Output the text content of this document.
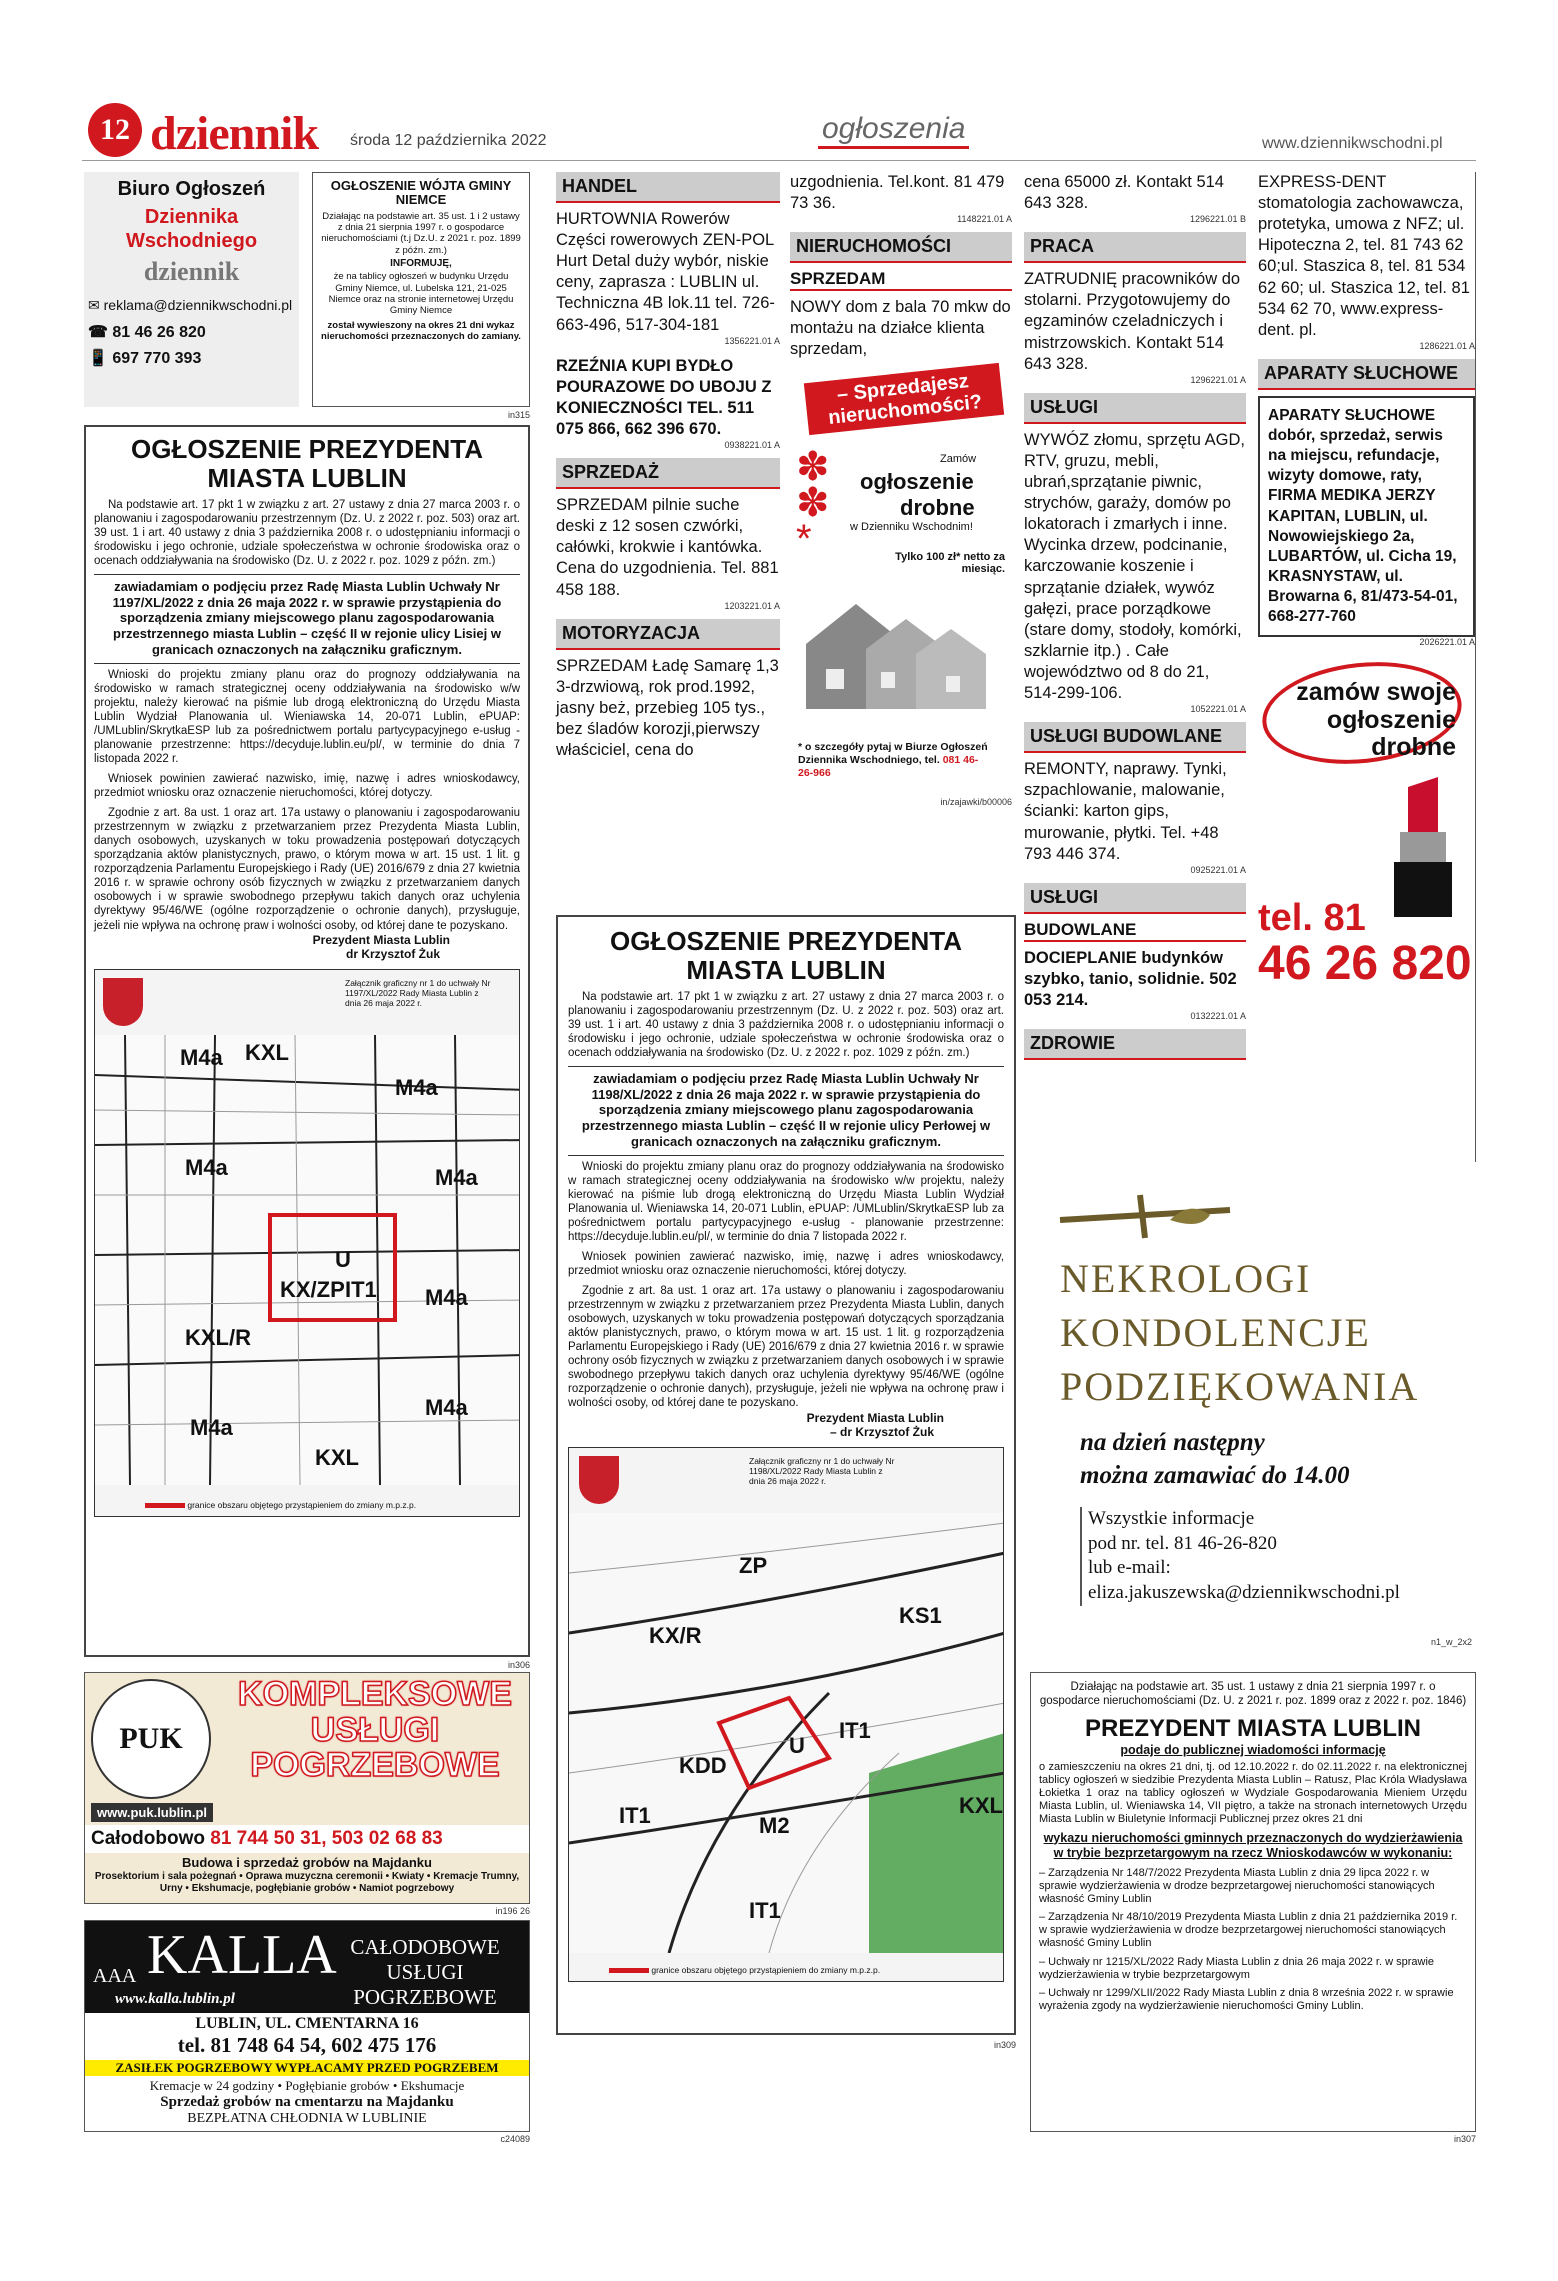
12 dziennik środa 12 października 2022	ogłoszenia	www.dziennikwschodni.pl
Biuro Ogłoszeń
Dziennika Wschodniego
dziennik
✉ reklama@dziennikwschodni.pl
☎ 81 46 26 820
📱 697 770 393
OGŁOSZENIE WÓJTA GMINY NIEMCE
Działając na podstawie art. 35 ust. 1 i 2 ustawy z dnia 21 sierpnia 1997 r. o gospodarce nieruchomościami (t.j Dz.U. z 2021 r. poz. 1899 z późn. zm.)
INFORMUJĘ,
że na tablicy ogłoszeń w budynku Urzędu Gminy Niemce, ul. Lubelska 121, 21-025 Niemce oraz na stronie internetowej Urzędu Gminy Niemce
został wywieszony na okres 21 dni wykaz nieruchomości przeznaczonych do zamiany.
in315
OGŁOSZENIE PREZYDENTA MIASTA LUBLIN
Na podstawie art. 17 pkt 1 w związku z art. 27 ustawy z dnia 27 marca 2003 r. o planowaniu i zagospodarowaniu przestrzennym (Dz. U. z 2022 r. poz. 503) oraz art. 39 ust. 1 i art. 40 ustawy z dnia 3 października 2008 r. o udostępnianiu informacji o środowisku i jego ochronie, udziale społeczeństwa w ochronie środowiska oraz o ocenach oddziaływania na środowisko (Dz. U. z 2022 r. poz. 1029 z późn. zm.)
zawiadamiam o podjęciu przez Radę Miasta Lublin Uchwały Nr 1197/XL/2022 z dnia 26 maja 2022 r. w sprawie przystąpienia do sporządzenia zmiany miejscowego planu zagospodarowania przestrzennego miasta Lublin – część II w rejonie ulicy Lisiej w granicach oznaczonych na załączniku graficznym.
Wnioski do projektu zmiany planu oraz do prognozy oddziaływania na środowisko w ramach strategicznej oceny oddziaływania na środowisko w/w projektu, należy kierować na piśmie lub drogą elektroniczną do Urzędu Miasta Lublin Wydział Planowania ul. Wieniawska 14, 20-071 Lublin, ePUAP: /UMLublin/SkrytkaESP lub za pośrednictwem portalu partycypacyjnego e-usług - planowanie przestrzenne: https://decyduje.lublin.eu/pl/, w terminie do dnia 7 listopada 2022 r.
Wniosek powinien zawierać nazwisko, imię, nazwę i adres wnioskodawcy, przedmiot wniosku oraz oznaczenie nieruchomości, której dotyczy.
Zgodnie z art. 8a ust. 1 oraz art. 17a ustawy o planowaniu i zagospodarowaniu przestrzennym w związku z przetwarzaniem przez Prezydenta Miasta Lublin, danych osobowych, uzyskanych w toku prowadzenia postępowań dotyczących sporządzania aktów planistycznych, prawo, o którym mowa w art. 15 ust. 1 lit. g rozporządzenia Parlamentu Europejskiego i Rady (UE) 2016/679 z dnia 27 kwietnia 2016 r. w sprawie ochrony osób fizycznych w związku z przetwarzaniem danych osobowych i w sprawie swobodnego przepływu takich danych oraz uchylenia dyrektywy 95/46/WE (ogólne rozporządzenie o ochronie danych), przysługuje, jeżeli nie wpływa na ochronę praw i wolności osoby, od której dane te pozyskano.
Prezydent Miasta Lublin
dr Krzysztof Żuk
Załącznik graficzny nr 1 do uchwały Nr 1197/XL/2022 Rady Miasta Lublin z dnia 26 maja 2022 r.
M4a KXL
M4a
M4a	M4a
U
KX/ZP IT1
KXL/R
M4a
M4a
M4a
KXL
granice obszaru objętego przystąpieniem do zmiany m.p.z.p.
in306
HANDEL
HURTOWNIA Rowerów Części rowerowych ZEN-POL Hurt Detal duży wybór, niskie ceny, zapraszа : LUBLIN ul. Techniczna 4B lok.11 tel. 726-663-496, 517-304-181
1356221.01 A
RZEŹNIA KUPI BYDŁO POURAZOWE DO UBOJU Z KONIECZNOŚCI TEL. 511 075 866, 662 396 670.
0938221.01 A
SPRZEDAŻ
SPRZEDAM pilnie suche deski z 12 sosen czwórki, całówki, krokwie i kantówka. Cena do uzgodnienia. Tel. 881 458 188.
1203221.01 A
MOTORYZACJA
SPRZEDAM Ładę Samarę 1,3 3-drzwiową, rok prod.1992, jasny beż, przebieg 105 tys., bez śladów korozji,pierwszy właściciel, cena do
uzgodnienia. Tel.kont. 81 479 73 36.
1148221.01 A
NIERUCHOMOŚCI
SPRZEDAM
NOWY dom z bala 70 mkw do montażu na działce klienta sprzedam,
– Sprzedajesz nieruchomości?
✽
✽
*
Zamów
ogłoszenie
drobne
w Dzienniku Wschodnim!
Tylko 100 zł* netto za miesiąc.
* o szczegóły pytaj w Biurze Ogłoszeń Dziennika Wschodniego, tel. 081 46-26-966
in/zajawki/b00006
cena 65000 zł. Kontakt 514 643 328.
1296221.01 B
PRACA
ZATRUDNIĘ pracowników do stolarni. Przygotowujemy do egzaminów czeladniczych i mistrzowskich. Kontakt 514 643 328.
1296221.01 A
USŁUGI
WYWÓZ złomu, sprzętu AGD, RTV, gruzu, mebli, ubrań,sprzątanie piwnic, strychów, garaży, domów po lokatorach i zmarłych i inne. Wycinka drzew, podcinanie, karczowanie koszenie i sprzątanie działek, wywóz gałęzi, prace porządkowe (stare domy, stodoły, komórki, szklarnie itp.) . Całe województwo od 8 do 21, 514-299-106.
1052221.01 A
USŁUGI BUDOWLANE
REMONTY, naprawy. Tynki, szpachlowanie, malowanie, ścianki: karton gips, murowanie, płytki. Tel. +48 793 446 374.
0925221.01 A
USŁUGI
BUDOWLANE
DOCIEPLANIE budynków szybko, tanio, solidnie. 502 053 214.
0132221.01 A
ZDROWIE
EXPRESS-DENT stomatologia zachowawcza, protetyka, umowa z NFZ; ul. Hipoteczna 2, tel. 81 743 62 60;ul. Staszica 8, tel. 81 534 62 60; ul. Staszica 12, tel. 81 534 62 70, www.express-dent. pl.
1286221.01 A
APARATY SŁUCHOWE
APARATY SŁUCHOWE dobór, sprzedaż, serwis na miejscu, refundacje, wizyty domowe, raty, FIRMA MEDIKA JERZY KAPITAN, LUBLIN, ul. Nowowiejskiego 2a, LUBARTÓW, ul. Cicha 19, KRASNYSTAW, ul. Browarna 6, 81/473-54-01, 668-277-760
2026221.01 A
zamów swoje ogłoszenie drobne
tel. 81
46 26 820
OGŁOSZENIE PREZYDENTA MIASTA LUBLIN
Na podstawie art. 17 pkt 1 w związku z art. 27 ustawy z dnia 27 marca 2003 r. o planowaniu i zagospodarowaniu przestrzennym (Dz. U. z 2022 r. poz. 503) oraz art. 39 ust. 1 i art. 40 ustawy z dnia 3 października 2008 r. o udostępnianiu informacji o środowisku i jego ochronie, udziale społeczeństwa w ochronie środowiska oraz o ocenach oddziaływania na środowisko (Dz. U. z 2022 r. poz. 1029 z późn. zm.)
zawiadamiam o podjęciu przez Radę Miasta Lublin Uchwały Nr 1198/XL/2022 z dnia 26 maja 2022 r. w sprawie przystąpienia do sporządzenia zmiany miejscowego planu zagospodarowania przestrzennego miasta Lublin – część II w rejonie ulicy Perłowej w granicach oznaczonych na załączniku graficznym.
Wnioski do projektu zmiany planu oraz do prognozy oddziaływania na środowisko w ramach strategicznej oceny oddziaływania na środowisko w/w projektu, należy kierować na piśmie lub drogą elektroniczną do Urzędu Miasta Lublin Wydział Planowania ul. Wieniawska 14, 20-071 Lublin, ePUAP: /UMLublin/SkrytkaESP lub za pośrednictwem portalu partycypacyjnego e-usług - planowanie przestrzenne: https://decyduje.lublin.eu/pl/, w terminie do dnia 7 listopada 2022 r.
Wniosek powinien zawierać nazwisko, imię, nazwę i adres wnioskodawcy, przedmiot wniosku oraz oznaczenie nieruchomości, której dotyczy.
Zgodnie z art. 8a ust. 1 oraz art. 17a ustawy o planowaniu i zagospodarowaniu przestrzennym w związku z przetwarzaniem przez Prezydenta Miasta Lublin, danych osobowych, uzyskanych w toku prowadzenia postępowań dotyczących sporządzania aktów planistycznych, prawo, o którym mowa w art. 15 ust. 1 lit. g rozporządzenia Parlamentu Europejskiego i Rady (UE) 2016/679 z dnia 27 kwietnia 2016 r. w sprawie ochrony osób fizycznych w związku z przetwarzaniem danych osobowych i w sprawie swobodnego przepływu takich danych oraz uchylenia dyrektywy 95/46/WE (ogólne rozporządzenie o ochronie danych), przysługuje, jeżeli nie wpływa na ochronę praw i wolności osoby, od której dane te pozyskano.
Prezydent Miasta Lublin
– dr Krzysztof Żuk
Załącznik graficzny nr 1 do uchwały Nr 1198/XL/2022 Rady Miasta Lublin z dnia 26 maja 2022 r.
ZP
KX/R
KS1
U
IT1
KDD
IT1	M2
IT1
KXL
granice obszaru objętego przystąpieniem do zmiany m.p.z.p.
in309
PUK
KOMPLEKSOWE
USŁUGI
POGRZEBOWE
www.puk.lublin.pl
Całodobowo 81 744 50 31, 503 02 68 83
Budowa i sprzedaż grobów na Majdanku
Prosektorium i sala pożegnań • Oprawa muzyczna ceremonii • Kwiaty • Kremacje Trumny, Urny • Ekshumacje, pogłębianie grobów • Namiot pogrzebowy
in196 26
AAA KALLA CAŁODOBOWE USŁUGI POGRZEBOWE
www.kalla.lublin.pl
LUBLIN, UL. CMENTARNA 16
tel. 81 748 64 54, 602 475 176
ZASIŁEK POGRZEBOWY WYPŁACAMY PRZED POGRZEBEM
Kremacje w 24 godziny • Pogłębianie grobów • Ekshumacje
Sprzedaż grobów na cmentarzu na Majdanku
BEZPŁATNA CHŁODNIA W LUBLINIE
c24089
NEKROLOGI
KONDOLENCJE
PODZIĘKOWANIA
na dzień następny
można zamawiać do 14.00
Wszystkie informacje
pod nr. tel. 81 46-26-820
lub e-mail:
eliza.jakuszewska@dziennikwschodni.pl
n1_w_2x2
Działając na podstawie art. 35 ust. 1 ustawy z dnia 21 sierpnia 1997 r. o gospodarce nieruchomościami (Dz. U. z 2021 r. poz. 1899 oraz z 2022 r. poz. 1846)
PREZYDENT MIASTA LUBLIN
podaje do publicznej wiadomości informację
o zamieszczeniu na okres 21 dni, tj. od 12.10.2022 r. do 02.11.2022 r. na elektronicznej tablicy ogłoszeń w siedzibie Prezydenta Miasta Lublin – Ratusz, Plac Króla Władysława Łokietka 1 oraz na tablicy ogłoszeń w Wydziale Gospodarowania Mieniem Urzędu Miasta Lublin, ul. Wieniawska 14, VII piętro, a także na stronach internetowych Urzędu Miasta Lublin w Biuletynie Informacji Publicznej przez okres 21 dni
wykazu nieruchomości gminnych przeznaczonych do wydzierżawienia w trybie bezprzetargowym na rzecz Wnioskodawców w wykonaniu:
– Zarządzenia Nr 148/7/2022 Prezydenta Miasta Lublin z dnia 29 lipca 2022 r. w sprawie wydzierżawienia w drodze bezprzetargowej nieruchomości stanowiących własność Gminy Lublin
– Zarządzenia Nr 48/10/2019 Prezydenta Miasta Lublin z dnia 21 października 2019 r. w sprawie wydzierżawienia w drodze bezprzetargowej nieruchomości stanowiących własność Gminy Lublin
– Uchwały nr 1215/XL/2022 Rady Miasta Lublin z dnia 26 maja 2022 r. w sprawie wydzierżawienia w trybie bezprzetargowym
– Uchwały nr 1299/XLII/2022 Rady Miasta Lublin z dnia 8 września 2022 r. w sprawie wyrażenia zgody na wydzierżawienie nieruchomości Gminy Lublin.
in307
